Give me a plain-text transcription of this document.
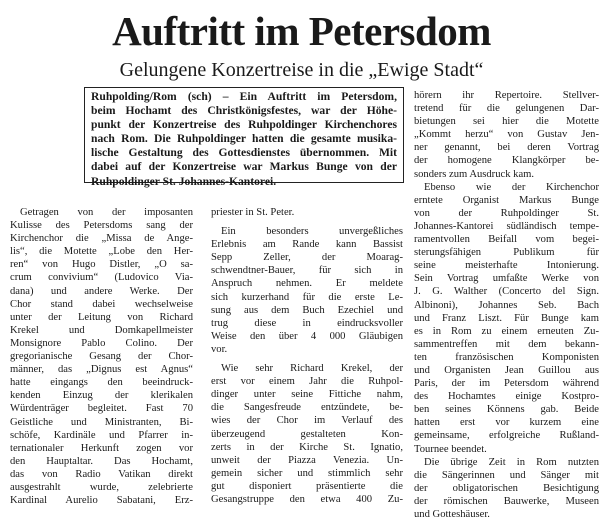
Auftritt im Petersdom
Gelungene Konzertreise in die „Ewige Stadt“
Ruhpolding/Rom (sch) – Ein Auftritt im Petersdom,
beim Hochamt des Christkönigsfestes, war der Höhe-
punkt der Konzertreise des Ruhpoldinger Kirchenchores
nach Rom. Die Ruhpoldinger hatten die gesamte musika-
lische Gestaltung des Gottesdienstes übernommen. Mit
dabei auf der Konzertreise war Markus Bunge von der
Ruhpoldinger St. Johannes-Kantorei.
Getragen von der imposanten
Kulisse des Petersdoms sang der
Kirchenchor die „Missa de Ange-
lis“, die Motette „Lobe den Her-
ren“ von Hugo Distler, „O sa-
crum convivium“ (Ludovico Via-
dana) und andere Werke. Der
Chor stand dabei wechselweise
unter der Leitung von Richard
Krekel und Domkapellmeister
Monsignore Pablo Colino. Der
gregorianische Gesang der Chor-
männer, das „Dignus est Agnus“
hatte eingangs den beeindruck-
kenden Einzug der klerikalen
Würdenträger begleitet. Fast 70
Geistliche und Ministranten, Bi-
schöfe, Kardinäle und Pfarrer in-
ternationaler Herkunft zogen vor
den Hauptaltar. Das Hochamt,
das von Radio Vatikan direkt
ausgestrahlt wurde, zelebrierte
Kardinal Aurelio Sabatani, Erz-
priester in St. Peter.
Ein besonders unvergeßliches
Erlebnis am Rande kann Bassist
Sepp Zeller, der Moarag-
schwendtner-Bauer, für sich in
Anspruch nehmen. Er meldete
sich kurzerhand für die erste Le-
sung aus dem Buch Ezechiel und
trug diese in eindrucksvoller
Weise den über 4 000 Gläubigen
vor.
Wie sehr Richard Krekel, der
erst vor einem Jahr die Ruhpol-
dinger unter seine Fittiche nahm,
die Sangesfreude entzündete, be-
wies der Chor im Verlauf des
überzeugend gestalteten Kon-
zerts in der Kirche St. Ignatio,
unweit der Piazza Venezia. Un-
gemein sicher und stimmlich sehr
gut disponiert präsentierte die
Gesangstruppe den etwa 400 Zu-
hörern ihr Repertoire. Stellver-
tretend für die gelungenen Dar-
bietungen sei hier die Motette
„Kommt herzu“ von Gustav Jen-
ner genannt, bei deren Vortrag
der homogene Klangkörper be-
sonders zum Ausdruck kam.
Ebenso wie der Kirchenchor
erntete Organist Markus Bunge
von der Ruhpoldinger St.
Johannes-Kantorei südländisch tempe-
ramentvollen Beifall vom begei-
sterungsfähigen Publikum für
seine meisterhafte Intonierung.
Sein Vortrag umfaßte Werke von
J. G. Walther (Concerto del Sign.
Albinoni), Johannes Seb. Bach
und Franz Liszt. Für Bunge kam
es in Rom zu einem erneuten Zu-
sammentreffen mit dem bekann-
ten französischen Komponisten
und Organisten Jean Guillou aus
Paris, der im Petersdom während
des Hochamtes einige Kostpro-
ben seines Könnens gab. Beide
hatten erst vor kurzem eine
gemeinsame, erfolgreiche Rußland-
Tournee beendet.
Die übrige Zeit in Rom nutzten
die Sängerinnen und Sänger mit
der obligatorischen Besichtigung
der römischen Bauwerke, Museen
und Gotteshäuser.
